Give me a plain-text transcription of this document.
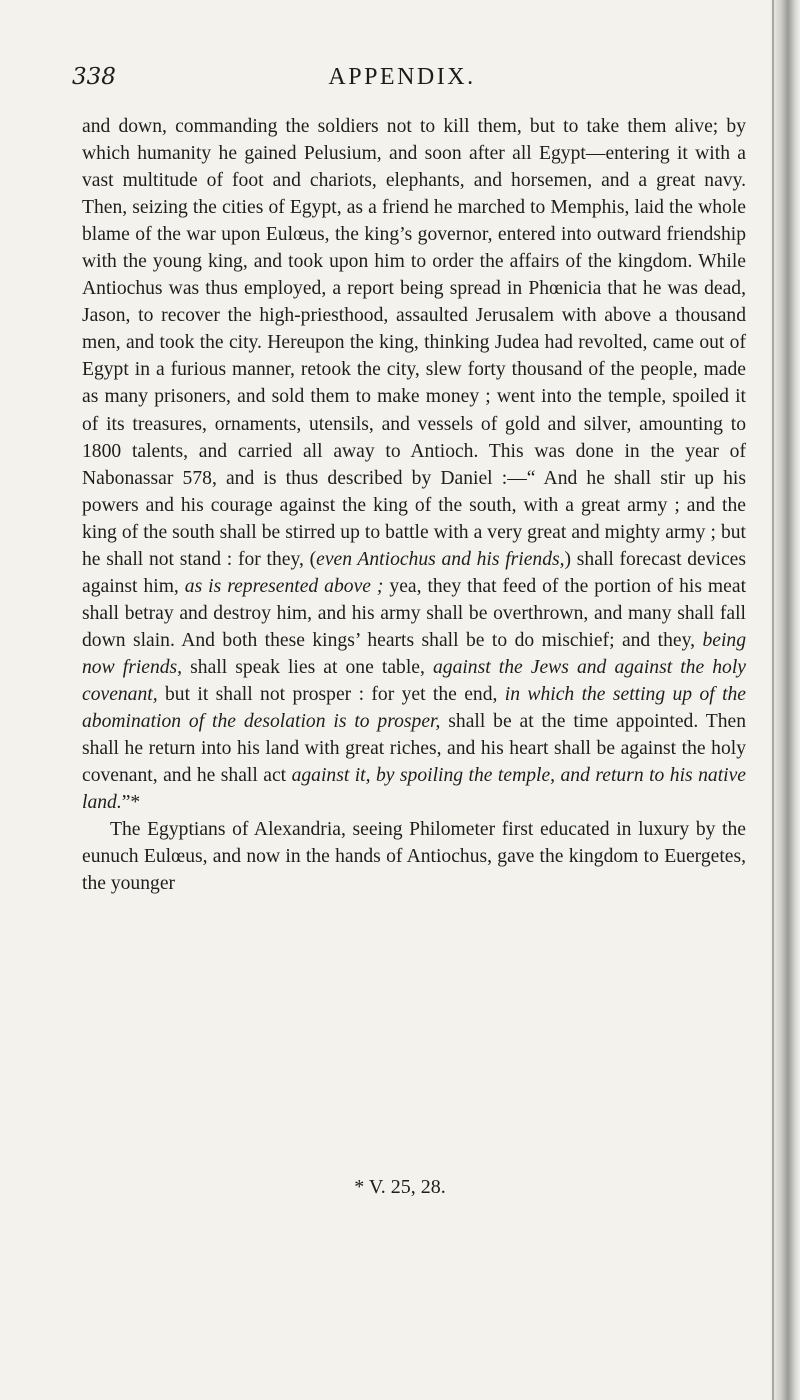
338	APPENDIX.

and down, commanding the soldiers not to kill them, but to take them alive; by which humanity he gained Pelusium, and soon after all Egypt—entering it with a vast multitude of foot and chariots, elephants, and horsemen, and a great navy. Then, seizing the cities of Egypt, as a friend he marched to Memphis, laid the whole blame of the war upon Eulœus, the king’s governor, entered into outward friendship with the young king, and took upon him to order the affairs of the kingdom. While Antiochus was thus employed, a report being spread in Phœnicia that he was dead, Jason, to recover the high-priesthood, assaulted Jerusalem with above a thousand men, and took the city. Hereupon the king, thinking Judea had revolted, came out of Egypt in a furious manner, retook the city, slew forty thousand of the people, made as many prisoners, and sold them to make money ; went into the temple, spoiled it of its treasures, ornaments, utensils, and vessels of gold and silver, amounting to 1800 talents, and carried all away to Antioch. This was done in the year of Nabonassar 578, and is thus described by Daniel :—“ And he shall stir up his powers and his courage against the king of the south, with a great army ; and the king of the south shall be stirred up to battle with a very great and mighty army ; but he shall not stand : for they, (even Antiochus and his friends,) shall forecast devices against him, as is represented above ; yea, they that feed of the portion of his meat shall betray and destroy him, and his army shall be overthrown, and many shall fall down slain. And both these kings’ hearts shall be to do mischief; and they, being now friends, shall speak lies at one table, against the Jews and against the holy covenant, but it shall not prosper : for yet the end, in which the setting up of the abomination of the desolation is to prosper, shall be at the time appointed. Then shall he return into his land with great riches, and his heart shall be against the holy covenant, and he shall act against it, by spoiling the temple, and return to his native land.”*

The Egyptians of Alexandria, seeing Philometer first educated in luxury by the eunuch Eulœus, and now in the hands of Antiochus, gave the kingdom to Euergetes, the younger

* V. 25, 28.
